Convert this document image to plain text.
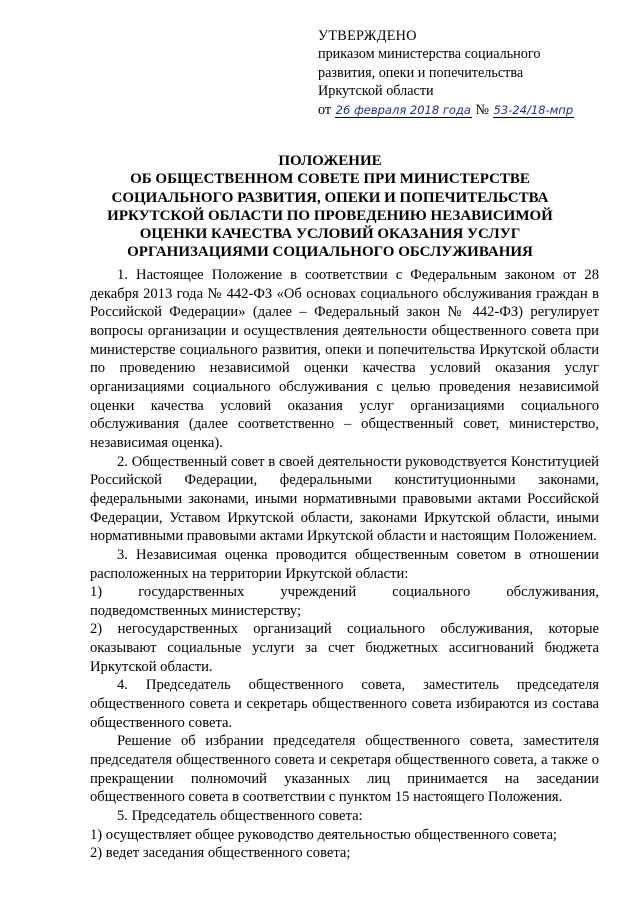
УТВЕРЖДЕНО
приказом министерства социального
развития, опеки и попечительства
Иркутской области
от 26 февраля 2018 года № 53-24/18-мпр
ПОЛОЖЕНИЕ
ОБ ОБЩЕСТВЕННОМ СОВЕТЕ ПРИ МИНИСТЕРСТВЕ
СОЦИАЛЬНОГО РАЗВИТИЯ, ОПЕКИ И ПОПЕЧИТЕЛЬСТВА
ИРКУТСКОЙ ОБЛАСТИ ПО ПРОВЕДЕНИЮ НЕЗАВИСИМОЙ
ОЦЕНКИ КАЧЕСТВА УСЛОВИЙ ОКАЗАНИЯ УСЛУГ
ОРГАНИЗАЦИЯМИ СОЦИАЛЬНОГО ОБСЛУЖИВАНИЯ

1. Настоящее Положение в соответствии с Федеральным законом от 28 декабря 2013 года № 442-ФЗ «Об основах социального обслуживания граждан в Российской Федерации» (далее – Федеральный закон № 442-ФЗ) регулирует вопросы организации и осуществления деятельности общественного совета при министерстве социального развития, опеки и попечительства Иркутской области по проведению независимой оценки качества условий оказания услуг организациями социального обслуживания с целью проведения независимой оценки качества условий оказания услуг организациями социального обслуживания (далее соответственно – общественный совет, министерство, независимая оценка).

2. Общественный совет в своей деятельности руководствуется Конституцией Российской Федерации, федеральными конституционными законами, федеральными законами, иными нормативными правовыми актами Российской Федерации, Уставом Иркутской области, законами Иркутской области, иными нормативными правовыми актами Иркутской области и настоящим Положением.

3. Независимая оценка проводится общественным советом в отношении расположенных на территории Иркутской области:

1) государственных учреждений социального обслуживания,

подведомственных министерству;

2) негосударственных организаций социального обслуживания, которые оказывают социальные услуги за счет бюджетных ассигнований бюджета Иркутской области.

4. Председатель общественного совета, заместитель председателя общественного совета и секретарь общественного совета избираются из состава общественного совета.

Решение об избрании председателя общественного совета, заместителя председателя общественного совета и секретаря общественного совета, а также о прекращении полномочий указанных лиц принимается на заседании общественного совета в соответствии с пунктом 15 настоящего Положения.

5. Председатель общественного совета:

1) осуществляет общее руководство деятельностью общественного совета;

2) ведет заседания общественного совета;
